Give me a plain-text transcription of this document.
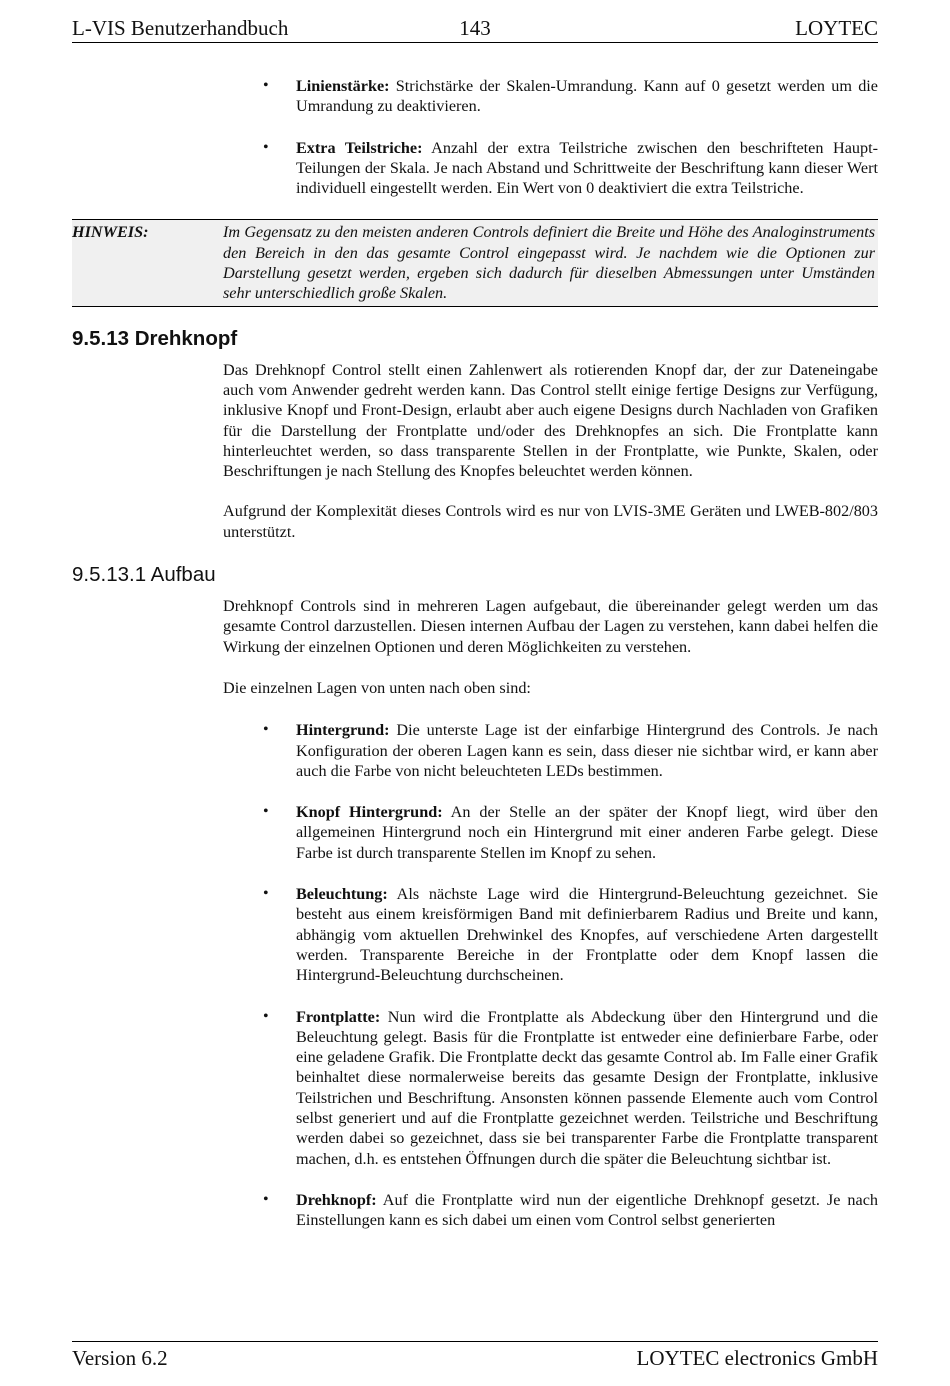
L-VIS Benutzerhandbuch	143	LOYTEC
• Linienstärke: Strichstärke der Skalen-Umrandung. Kann auf 0 gesetzt werden um die Umrandung zu deaktivieren.
• Extra Teilstriche: Anzahl der extra Teilstriche zwischen den beschrifteten Haupt-Teilungen der Skala. Je nach Abstand und Schrittweite der Beschriftung kann dieser Wert individuell eingestellt werden. Ein Wert von 0 deaktiviert die extra Teilstriche.
HINWEIS:	Im Gegensatz zu den meisten anderen Controls definiert die Breite und Höhe des Analoginstruments den Bereich in den das gesamte Control eingepasst wird. Je nachdem wie die Optionen zur Darstellung gesetzt werden, ergeben sich dadurch für dieselben Abmessungen unter Umständen sehr unterschiedlich große Skalen.
9.5.13 Drehknopf

Das Drehknopf Control stellt einen Zahlenwert als rotierenden Knopf dar, der zur Dateneingabe auch vom Anwender gedreht werden kann. Das Control stellt einige fertige Designs zur Verfügung, inklusive Knopf und Front-Design, erlaubt aber auch eigene Designs durch Nachladen von Grafiken für die Darstellung der Frontplatte und/oder des Drehknopfes an sich. Die Frontplatte kann hinterleuchtet werden, so dass transparente Stellen in der Frontplatte, wie Punkte, Skalen, oder Beschriftungen je nach Stellung des Knopfes beleuchtet werden können.

Aufgrund der Komplexität dieses Controls wird es nur von LVIS-3ME Geräten und LWEB-802/803 unterstützt.

9.5.13.1 Aufbau

Drehknopf Controls sind in mehreren Lagen aufgebaut, die übereinander gelegt werden um das gesamte Control darzustellen. Diesen internen Aufbau der Lagen zu verstehen, kann dabei helfen die Wirkung der einzelnen Optionen und deren Möglichkeiten zu verstehen.

Die einzelnen Lagen von unten nach oben sind:

• Hintergrund: Die unterste Lage ist der einfarbige Hintergrund des Controls. Je nach Konfiguration der oberen Lagen kann es sein, dass dieser nie sichtbar wird, er kann aber auch die Farbe von nicht beleuchteten LEDs bestimmen.
• Knopf Hintergrund: An der Stelle an der später der Knopf liegt, wird über den allgemeinen Hintergrund noch ein Hintergrund mit einer anderen Farbe gelegt. Diese Farbe ist durch transparente Stellen im Knopf zu sehen.
• Beleuchtung: Als nächste Lage wird die Hintergrund-Beleuchtung gezeichnet. Sie besteht aus einem kreisförmigen Band mit definierbarem Radius und Breite und kann, abhängig vom aktuellen Drehwinkel des Knopfes, auf verschiedene Arten dargestellt werden. Transparente Bereiche in der Frontplatte oder dem Knopf lassen die Hintergrund-Beleuchtung durchscheinen.
• Frontplatte: Nun wird die Frontplatte als Abdeckung über den Hintergrund und die Beleuchtung gelegt. Basis für die Frontplatte ist entweder eine definierbare Farbe, oder eine geladene Grafik. Die Frontplatte deckt das gesamte Control ab. Im Falle einer Grafik beinhaltet diese normalerweise bereits das gesamte Design der Frontplatte, inklusive Teilstrichen und Beschriftung. Ansonsten können passende Elemente auch vom Control selbst generiert und auf die Frontplatte gezeichnet werden. Teilstriche und Beschriftung werden dabei so gezeichnet, dass sie bei transparenter Farbe die Frontplatte transparent machen, d.h. es entstehen Öffnungen durch die später die Beleuchtung sichtbar ist.
• Drehknopf: Auf die Frontplatte wird nun der eigentliche Drehknopf gesetzt. Je nach Einstellungen kann es sich dabei um einen vom Control selbst generierten
Version 6.2	LOYTEC electronics GmbH
